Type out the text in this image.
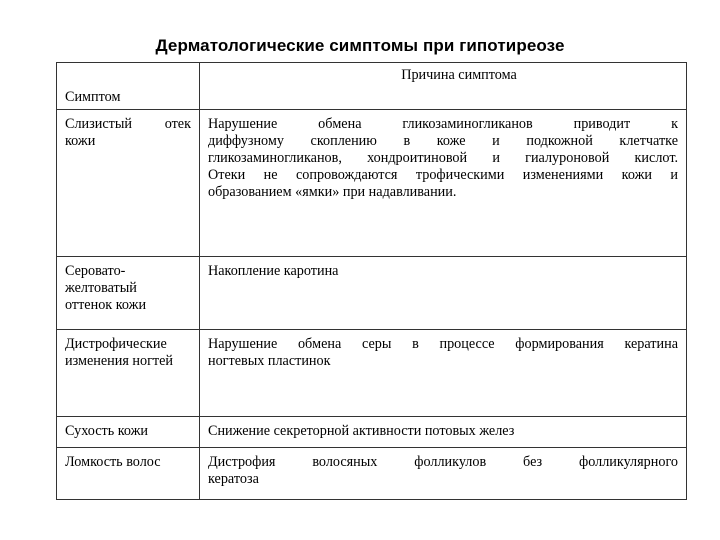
Дерматологические симптомы при гипотиреозе
Симптом	Причина симптома

Слизистый отек
кожи	Нарушение обмена гликозаминогликанов приводит к
диффузному скоплению в коже и подкожной клетчатке
гликозаминогликанов, хондроитиновой и гиалуроновой кислот.
Отеки не сопровождаются трофическими изменениями кожи и
образованием «ямки» при надавливании.

Серовато-
желтоватый
оттенок кожи	Накопление каротина

Дистрофические
изменения ногтей	Нарушение обмена серы в процессе формирования кератина
ногтевых пластинок

Сухость кожи	Снижение секреторной активности потовых желез

Ломкость волос	Дистрофия волосяных фолликулов без фолликулярного
кератоза
